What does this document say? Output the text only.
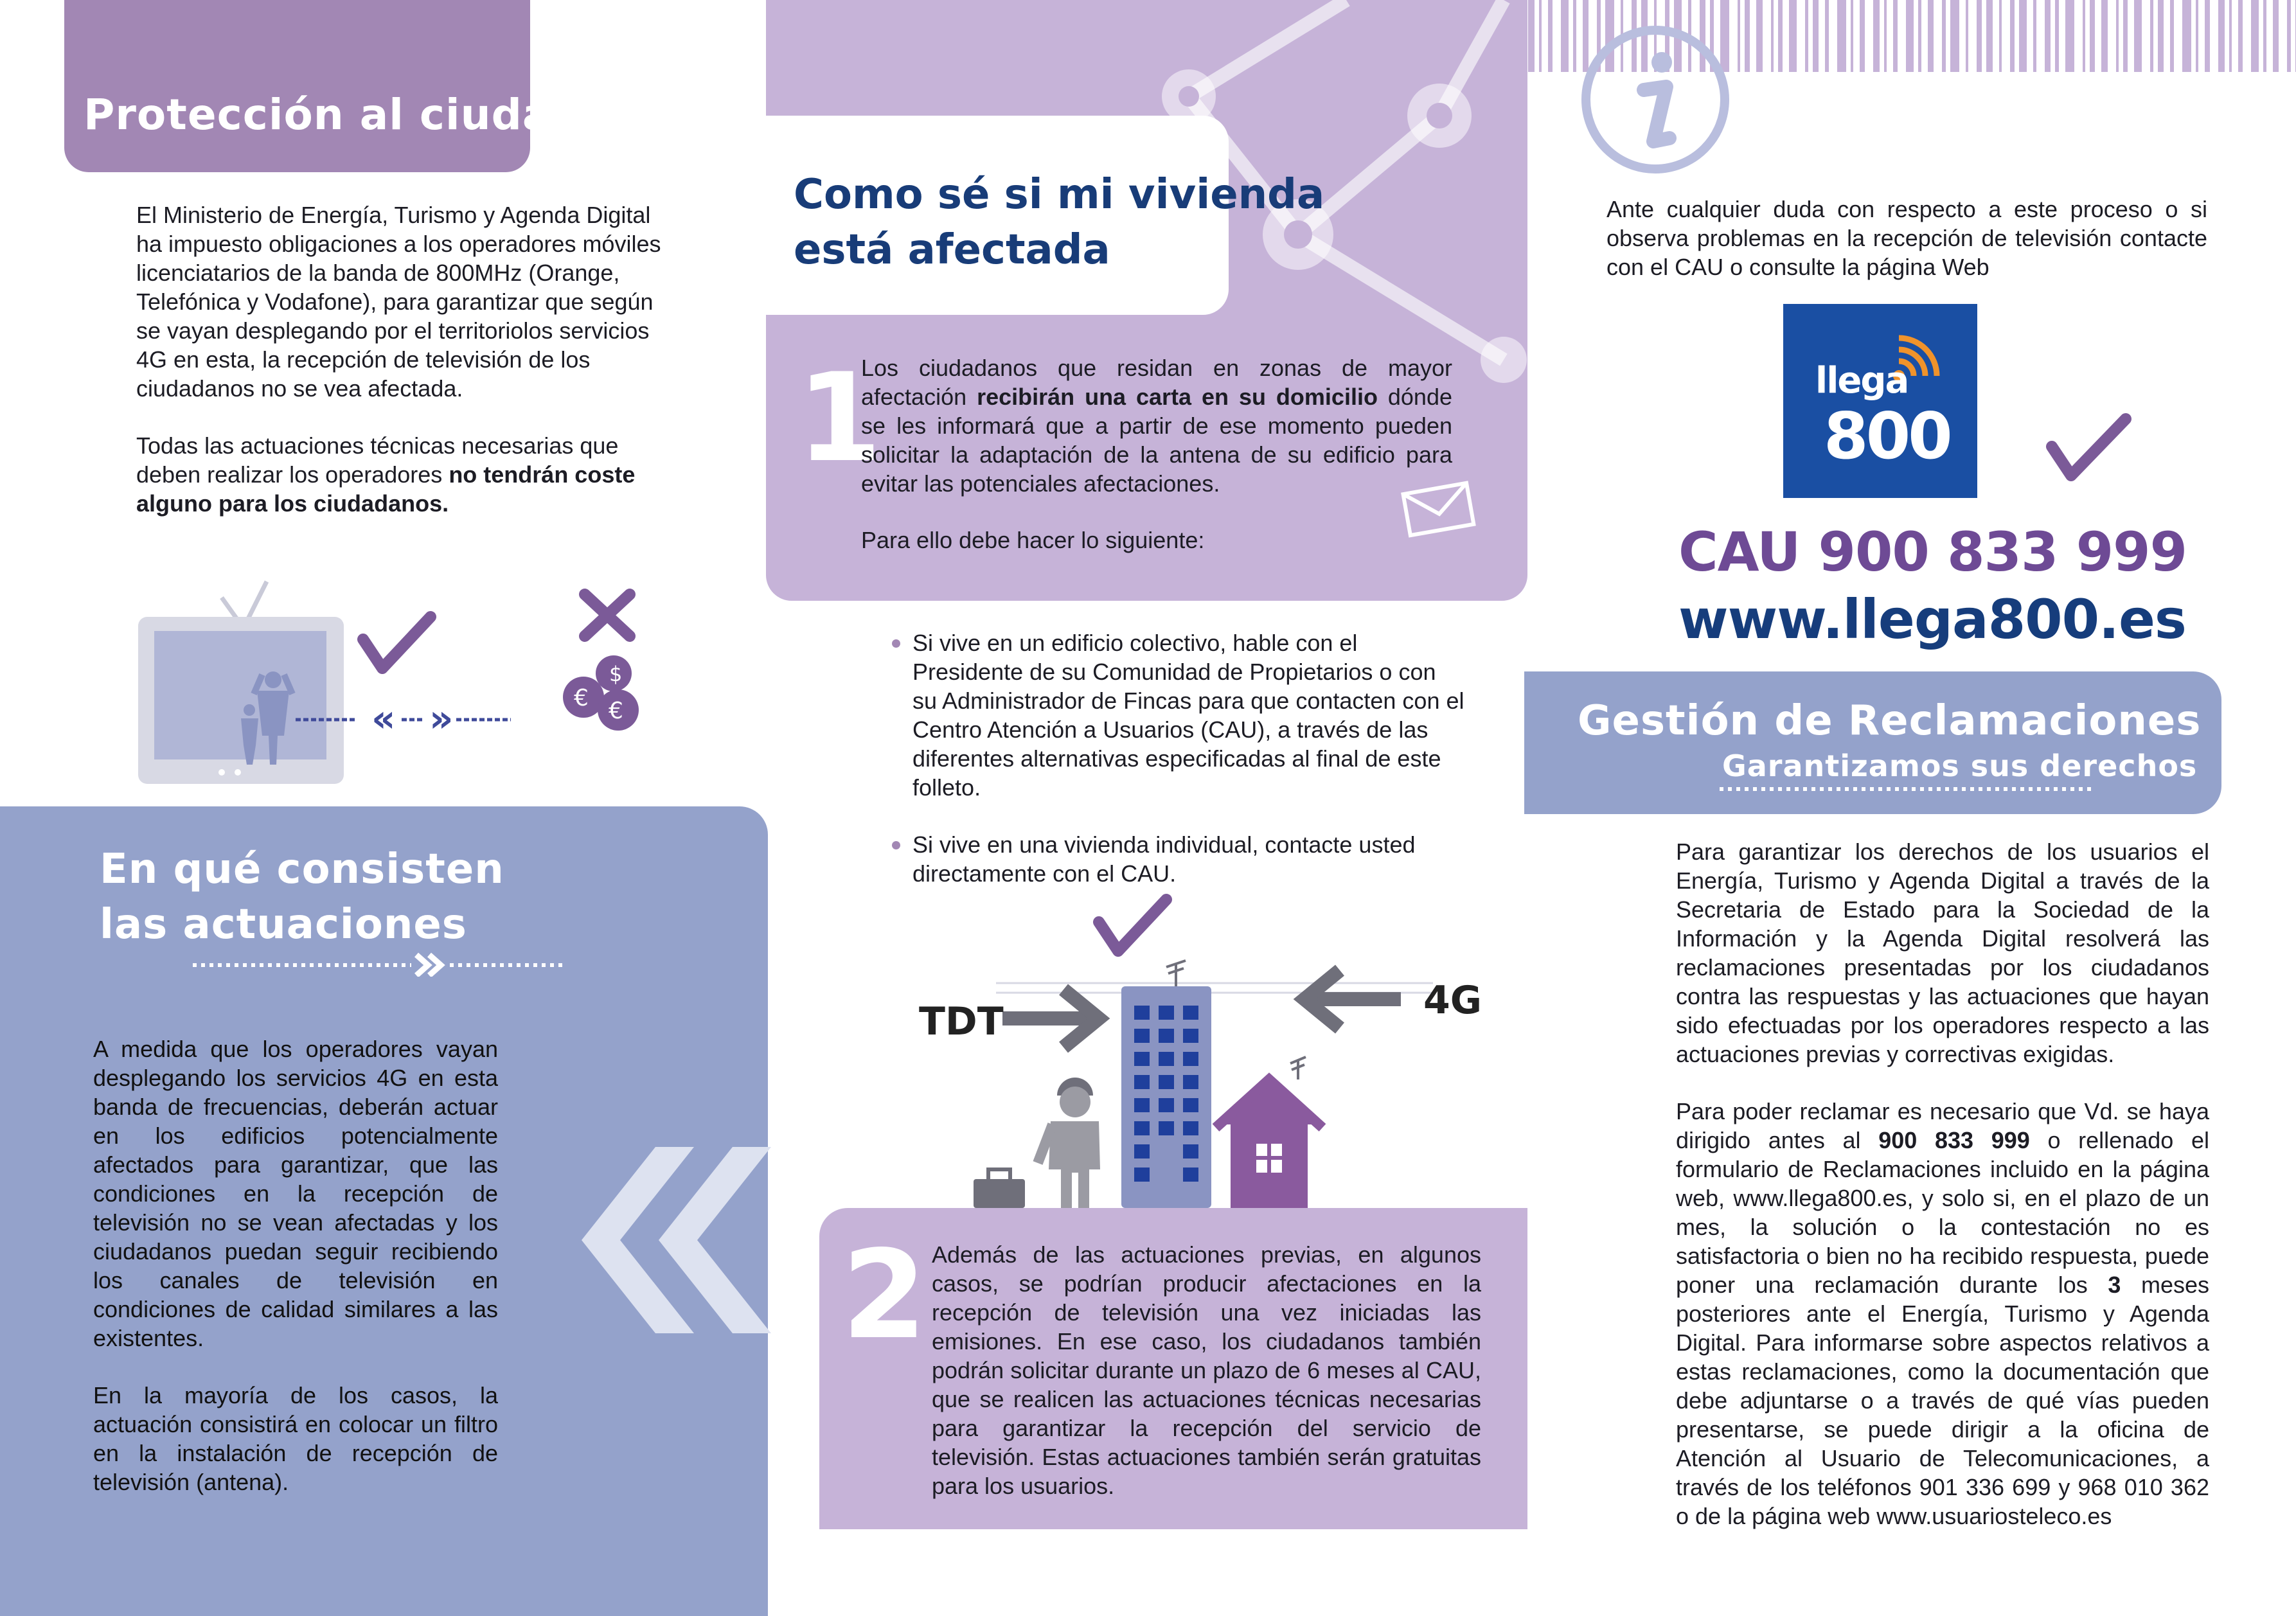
Protección al ciudadano

El Ministerio de Energía, Turismo y Agenda Digital ha impuesto obligaciones a los operadores móviles licenciatarios de la banda de 800MHz (Orange, Telefónica y Vodafone), para garantizar que según se vayan desplegando por el territoriolos servicios 4G en esta, la recepción de televisión de los ciudadanos no se vea afectada.

Todas las actuaciones técnicas necesarias que deben realizar los operadores no tendrán coste alguno para los ciudadanos.

« »
$
€ €
En qué consisten
las actuaciones

A medida que los operadores vayan desplegando los servicios 4G en esta banda de frecuencias, deberán actuar en los edificios potencialmente afectados para garantizar, que las condiciones en la recepción de televisión no se vean afectadas y los ciudadanos puedan seguir recibiendo los canales de televisión en condiciones de calidad similares a las existentes.

En la mayoría de los casos, la actuación consistirá en colocar un filtro en la instalación de recepción de televisión (antena).

Como sé si mi vivienda
está afectada
1
Los ciudadanos que residan en zonas de mayor afectación recibirán una carta en su domicilio dónde se les informará que a partir de ese momento pueden solicitar la adaptación de la antena de su edificio para evitar las potenciales afectaciones.
Para ello debe hacer lo siguiente:
Si vive en un edificio colectivo, hable con el Presidente de su Comunidad de Propietarios o con su Administrador de Fincas para que contacten con el Centro Atención a Usuarios (CAU), a través de las diferentes alternativas especificadas al final de este folleto.
Si vive en una vivienda individual, contacte usted directamente con el CAU.
TDT	4G
2 Además de las actuaciones previas, en algunos casos, se podrían producir afectaciones en la recepción de televisión una vez iniciadas las emisiones. En ese caso, los ciudadanos también podrán solicitar durante un plazo de 6 meses al CAU, que se realicen las actuaciones técnicas necesarias para garantizar la recepción del servicio de televisión. Estas actuaciones también serán gratuitas para los usuarios.
Ante cualquier duda con respecto a este proceso o si observa problemas en la recepción de televisión contacte con el CAU o consulte la página Web
llega
800
CAU 900 833 999
www.llega800.es
Gestión de Reclamaciones
Garantizamos sus derechos

Para garantizar los derechos de los usuarios el Energía, Turismo y Agenda Digital a través de la Secretaria de Estado para la Sociedad de la Información y la Agenda Digital resolverá las reclamaciones presentadas por los ciudadanos contra las respuestas y las actuaciones que hayan sido efectuadas por los operadores respecto a las actuaciones previas y correctivas exigidas.

Para poder reclamar es necesario que Vd. se haya dirigido antes al 900 833 999 o rellenado el formulario de Reclamaciones incluido en la página web, www.llega800.es, y solo si, en el plazo de un mes, la solución o la contestación no es satisfactoria o bien no ha recibido respuesta, puede poner una reclamación durante los 3 meses posteriores ante el Energía, Turismo y Agenda Digital. Para informarse sobre aspectos relativos a estas reclamaciones, como la documentación que debe adjuntarse o a través de qué vías pueden presentarse, se puede dirigir a la oficina de Atención al Usuario de Telecomunicaciones, a través de los teléfonos 901 336 699 y 968 010 362 o de la página web www.usuariosteleco.es
